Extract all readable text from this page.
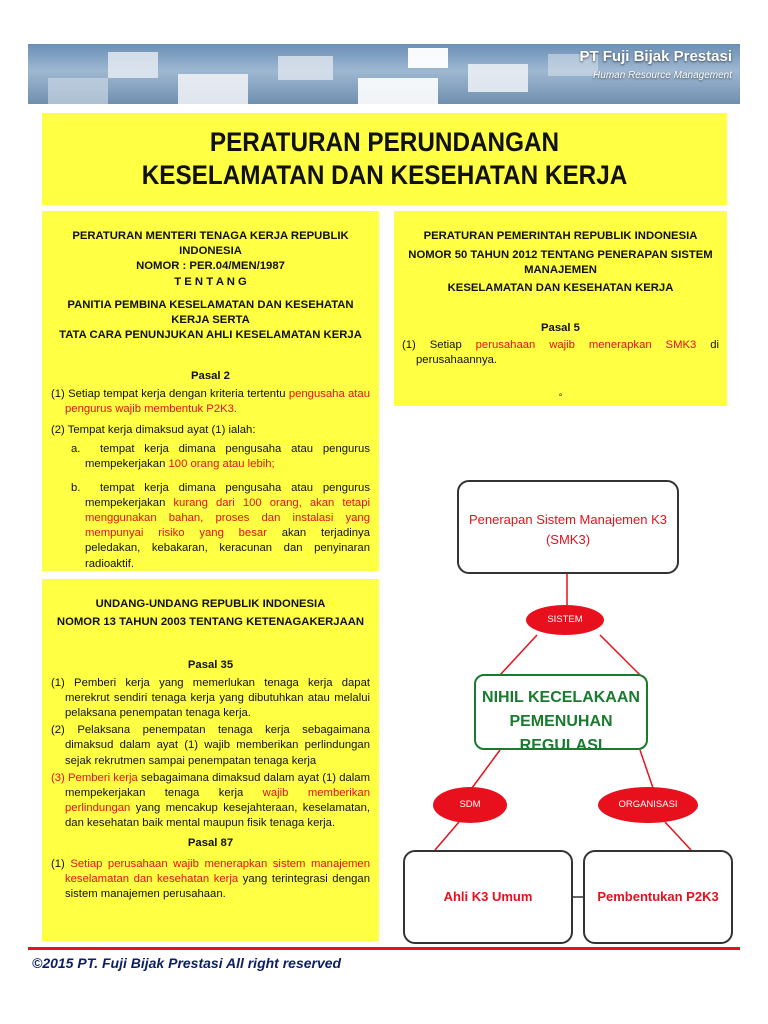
PT Fuji Bijak Prestasi
Human Resource Management
PERATURAN PERUNDANGAN
KESELAMATAN DAN KESEHATAN KERJA
PERATURAN MENTERI TENAGA KERJA REPUBLIK INDONESIA
NOMOR : PER.04/MEN/1987
T E N T A N G
PANITIA PEMBINA KESELAMATAN DAN KESEHATAN KERJA SERTA
TATA CARA PENUNJUKAN AHLI KESELAMATAN KERJA
Pasal 2
(1) Setiap tempat kerja dengan kriteria tertentu pengusaha atau pengurus wajib membentuk P2K3.
(2) Tempat kerja dimaksud ayat (1) ialah:
a.  tempat kerja dimana pengusaha atau pengurus mempekerjakan 100 orang atau lebih;
b.  tempat kerja dimana pengusaha atau pengurus mempekerjakan kurang dari 100 orang, akan tetapi menggunakan bahan, proses dan instalasi yang mempunyai risiko yang besar akan terjadinya peledakan, kebakaran, keracunan dan penyinaran radioaktif.
PERATURAN PEMERINTAH REPUBLIK INDONESIA
NOMOR 50 TAHUN 2012 TENTANG PENERAPAN SISTEM MANAJEMEN
KESELAMATAN DAN KESEHATAN KERJA
Pasal 5
(1) Setiap perusahaan wajib menerapkan SMK3 di perusahaannya.
°
UNDANG-UNDANG REPUBLIK INDONESIA
NOMOR 13 TAHUN 2003 TENTANG KETENAGAKERJAAN
Pasal 35
(1) Pemberi kerja yang memerlukan tenaga kerja dapat merekrut sendiri tenaga kerja yang dibutuhkan atau melalui pelaksana penempatan tenaga kerja.
(2) Pelaksana penempatan tenaga kerja sebagaimana dimaksud dalam ayat (1) wajib memberikan perlindungan sejak rekrutmen sampai penempatan tenaga kerja
(3) Pemberi kerja sebagaimana dimaksud dalam ayat (1) dalam mempekerjakan tenaga kerja wajib memberikan perlindungan yang mencakup kesejahteraan, keselamatan, dan kesehatan baik mental maupun fisik tenaga kerja.
Pasal 87
(1) Setiap perusahaan wajib menerapkan sistem manajemen keselamatan dan kesehatan kerja yang terintegrasi dengan sistem manajemen perusahaan.
Penerapan Sistem Manajemen K3
(SMK3)
SISTEM
NIHIL KECELAKAAN
PEMENUHAN REGULASI
SDM	ORGANISASI
Ahli K3 Umum	Pembentukan P2K3
©2015 PT. Fuji Bijak Prestasi All right reserved
